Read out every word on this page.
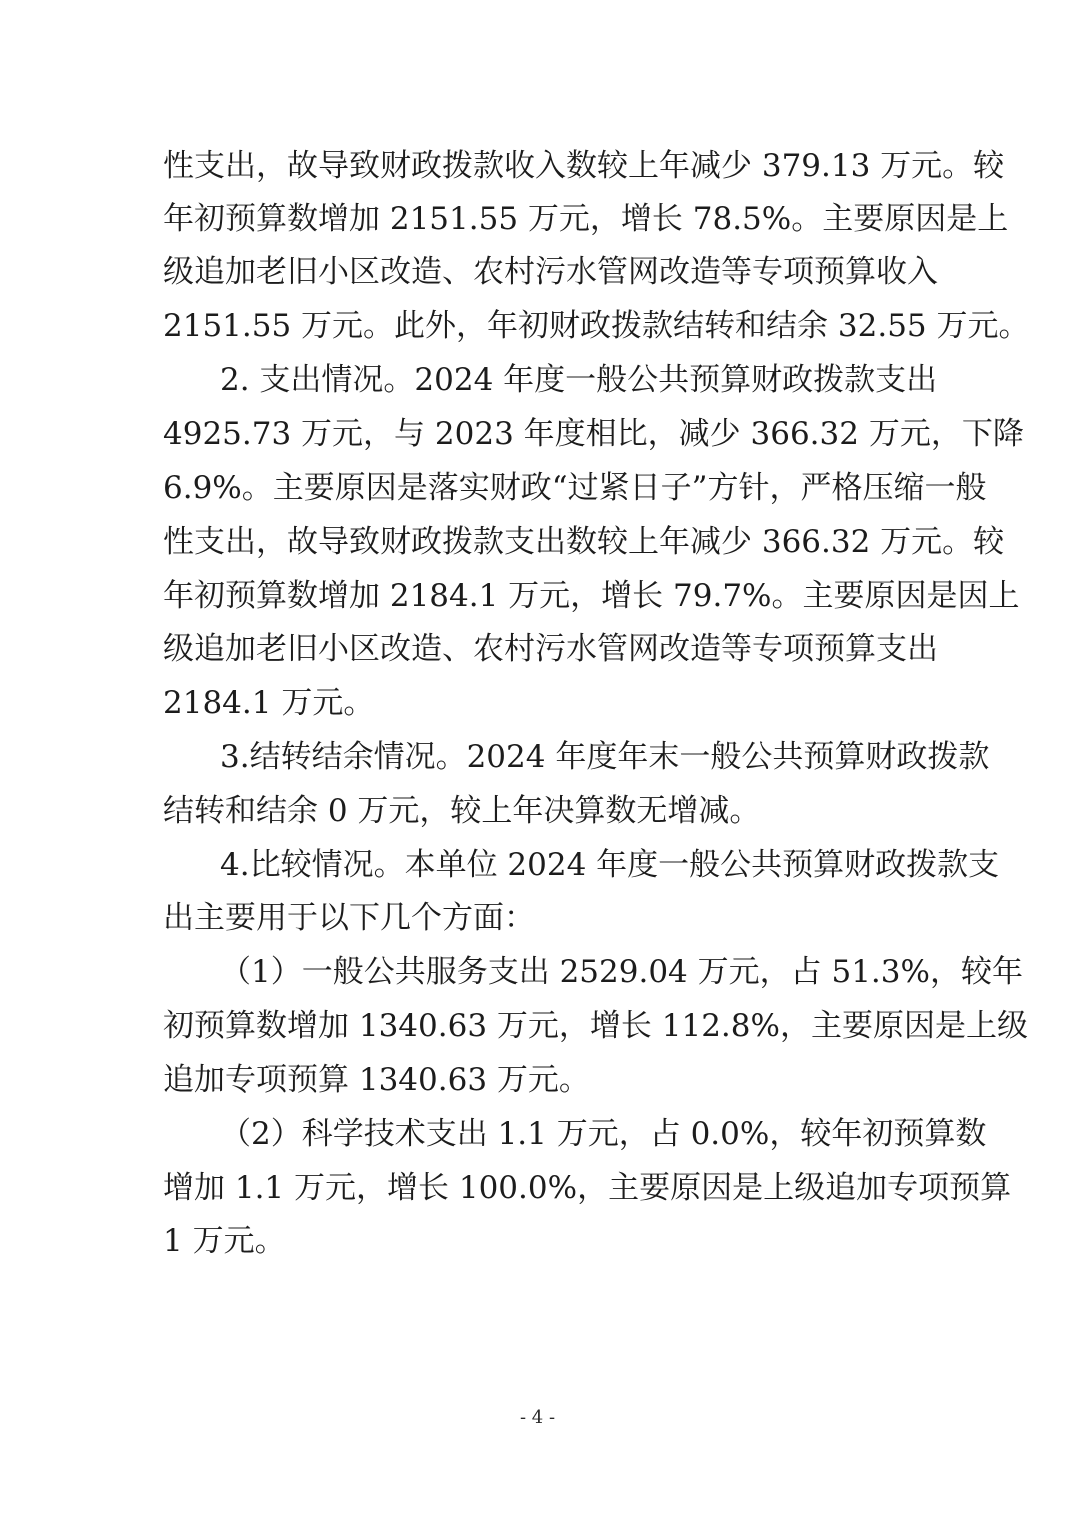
性支出，故导致财政拨款收入数较上年减少 379.13 万元。较
年初预算数增加 2151.55 万元，增长 78.5%。主要原因是上
级追加老旧小区改造、农村污水管网改造等专项预算收入
2151.55 万元。此外，年初财政拨款结转和结余 32.55 万元。
2. 支出情况。2024 年度一般公共预算财政拨款支出
4925.73 万元，与 2023 年度相比，减少 366.32 万元，下降
6.9%。主要原因是落实财政“过紧日子”方针，严格压缩一般
性支出，故导致财政拨款支出数较上年减少 366.32 万元。较
年初预算数增加 2184.1 万元，增长 79.7%。主要原因是因上
级追加老旧小区改造、农村污水管网改造等专项预算支出
2184.1 万元。
3.结转结余情况。2024 年度年末一般公共预算财政拨款
结转和结余 0 万元，较上年决算数无增减。
4.比较情况。本单位 2024 年度一般公共预算财政拨款支
出主要用于以下几个方面：
（1）一般公共服务支出 2529.04 万元，占 51.3%，较年
初预算数增加 1340.63 万元，增长 112.8%，主要原因是上级
追加专项预算 1340.63 万元。
（2）科学技术支出 1.1 万元，占 0.0%，较年初预算数
增加 1.1 万元，增长 100.0%，主要原因是上级追加专项预算
1 万元。
- 4 -
